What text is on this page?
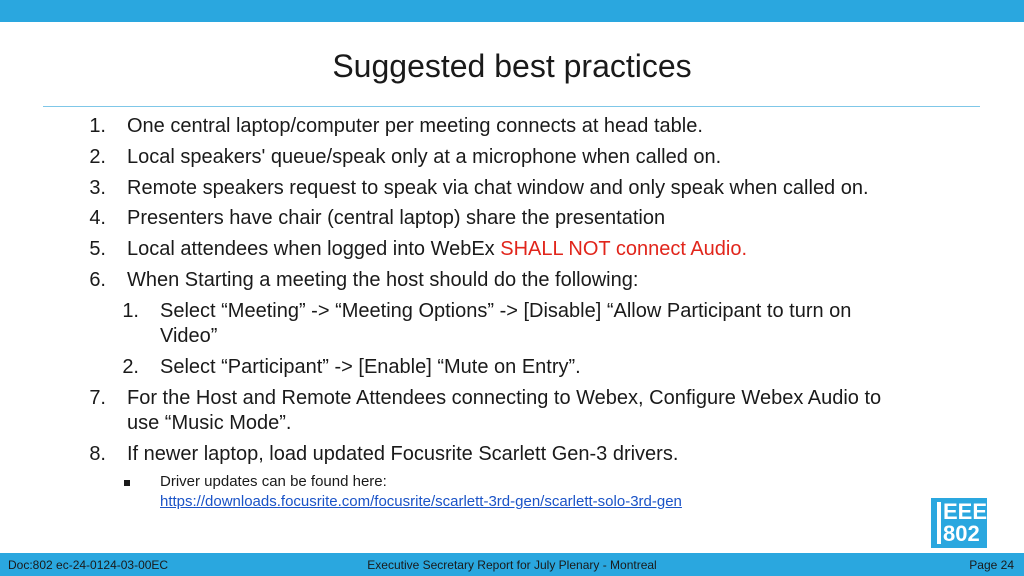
Suggested best practices
1. One central laptop/computer per meeting connects at head table.
2. Local speakers' queue/speak only at a microphone when called on.
3. Remote speakers request to speak via chat window and only speak when called on.
4. Presenters have chair (central laptop) share the presentation
5. Local attendees when logged into WebEx SHALL NOT connect Audio.
6. When Starting a meeting the host should do the following:
1. Select “Meeting” -> “Meeting Options” -> [Disable] “Allow Participant to turn on
Video”
2. Select “Participant” -> [Enable] “Mute on Entry”.
7. For the Host and Remote Attendees connecting to Webex, Configure Webex Audio to
use “Music Mode”.
8. If newer laptop, load updated Focusrite Scarlett Gen-3 drivers.
Driver updates can be found here:
https://downloads.focusrite.com/focusrite/scarlett-3rd-gen/scarlett-solo-3rd-gen	EEE
802
Doc:802 ec-24-0124-03-00EC	Executive Secretary Report for July Plenary - Montreal	Page 24
